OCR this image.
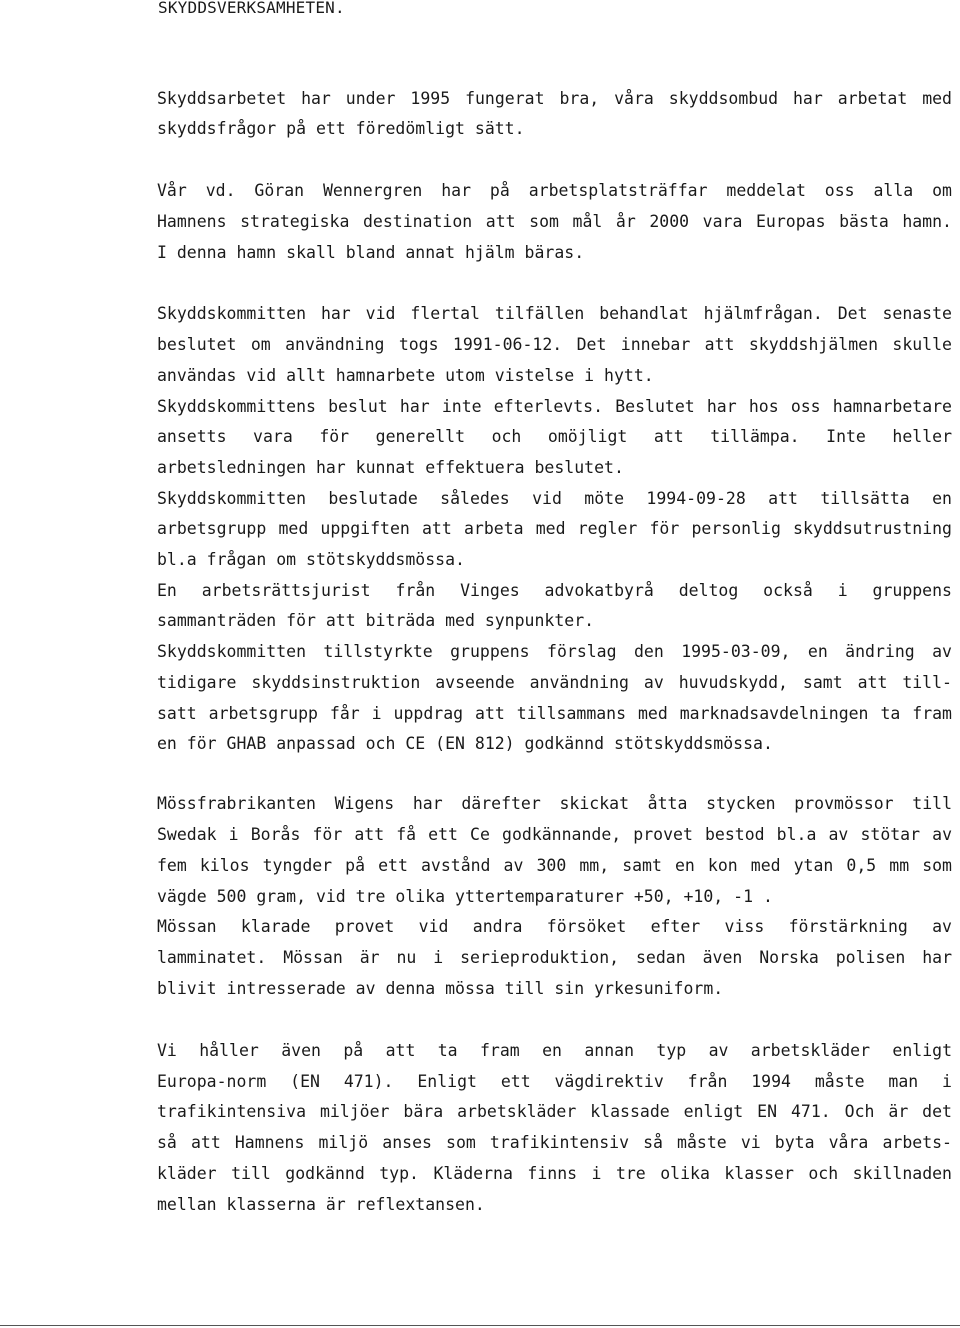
SKYDDSVERKSAMHETEN.
Skyddsarbetet har under 1995 fungerat bra, våra skyddsombud har arbetat med
skyddsfrågor på ett föredömligt sätt.
Vår vd. Göran Wennergren har på arbetsplatsträffar meddelat oss alla om
Hamnens strategiska destination att som mål år 2000 vara Europas bästa hamn.
I denna hamn skall bland annat hjälm bäras.
Skyddskommitten har vid flertal tilfällen behandlat hjälmfrågan. Det senaste
beslutet om användning togs 1991-06-12. Det innebar att skyddshjälmen skulle
användas vid allt hamnarbete utom vistelse i hytt.
Skyddskommittens beslut har inte efterlevts. Beslutet har hos oss hamnarbetare
ansetts vara för generellt och omöjligt att tillämpa. Inte heller
arbetsledningen har kunnat effektuera beslutet.
Skyddskommitten beslutade således vid möte 1994-09-28 att tillsätta en
arbetsgrupp med uppgiften att arbeta med regler för personlig skyddsutrustning
bl.a frågan om stötskyddsmössa.
En arbetsrättsjurist från Vinges advokatbyrå deltog också i gruppens
sammanträden för att biträda med synpunkter.
Skyddskommitten tillstyrkte gruppens förslag den 1995-03-09, en ändring av
tidigare skyddsinstruktion avseende användning av huvudskydd, samt att till-
satt arbetsgrupp får i uppdrag att tillsammans med marknadsavdelningen ta fram
en för GHAB anpassad och CE (EN 812) godkännd stötskyddsmössa.
Mössfrabrikanten Wigens har därefter skickat åtta stycken provmössor till
Swedak i Borås för att få ett Ce godkännande, provet bestod bl.a av stötar av
fem kilos tyngder på ett avstånd av 300 mm, samt en kon med ytan 0,5 mm som
vägde 500 gram, vid tre olika yttertemparaturer +50, +10, -1 .
Mössan klarade provet vid andra försöket efter viss förstärkning av
lamminatet. Mössan är nu i serieproduktion, sedan även Norska polisen har
blivit intresserade av denna mössa till sin yrkesuniform.
Vi håller även på att ta fram en annan typ av arbetskläder enligt
Europa-norm (EN 471). Enligt ett vägdirektiv från 1994 måste man i
trafikintensiva miljöer bära arbetskläder klassade enligt EN 471. Och är det
så att Hamnens miljö anses som trafikintensiv så måste vi byta våra arbets-
kläder till godkännd typ. Kläderna finns i tre olika klasser och skillnaden
mellan klasserna är reflextansen.
